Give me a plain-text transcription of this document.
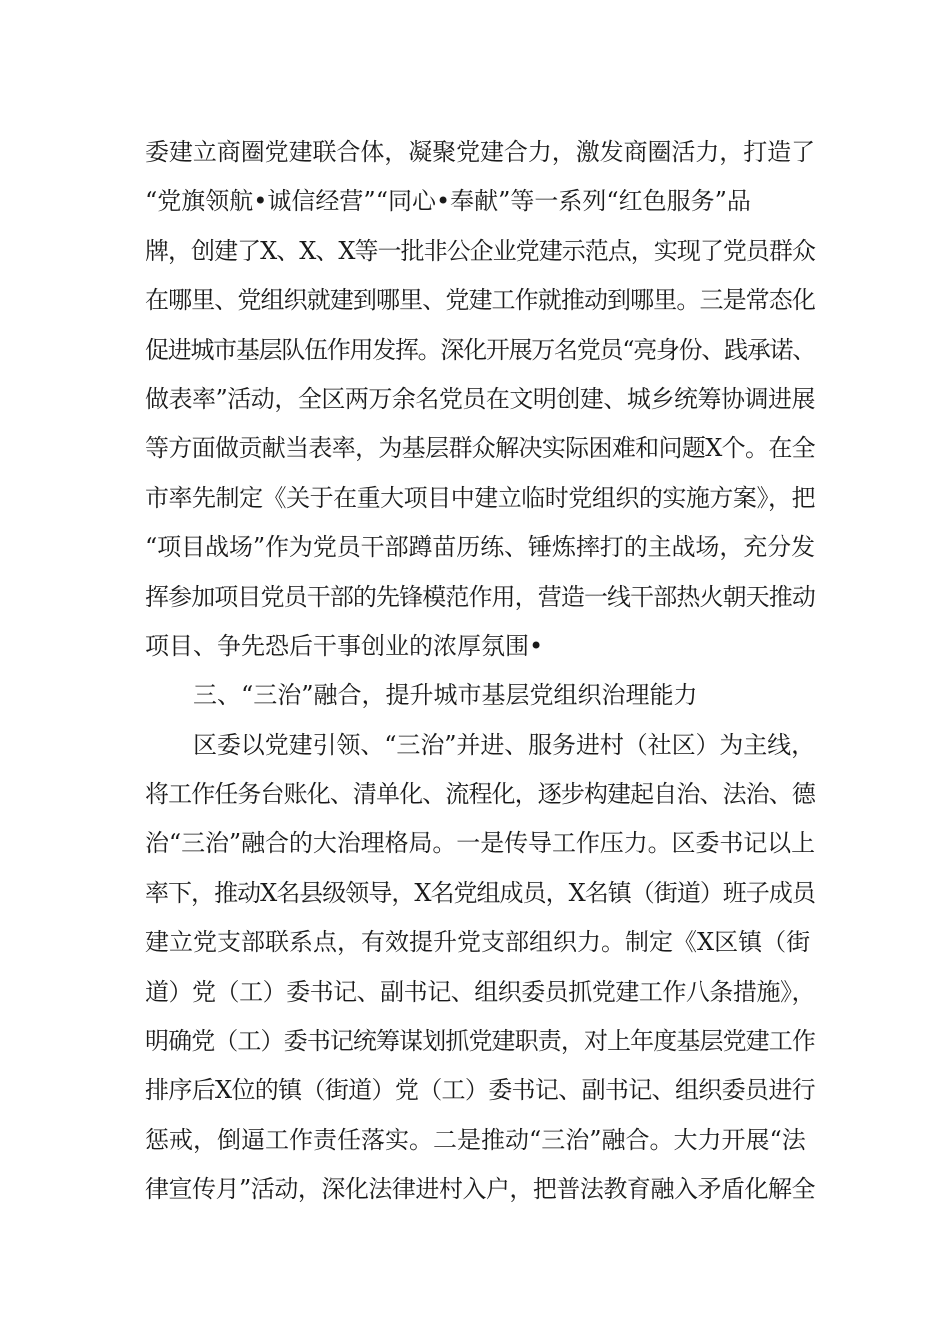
委建立商圈党建联合体，凝聚党建合力，激发商圈活力，打造了
“党旗领航•诚信经营”“同心•奉献”等一系列“红色服务”品
牌，创建了X、X、X等一批非公企业党建示范点，实现了党员群众
在哪里、党组织就建到哪里、党建工作就推动到哪里。三是常态化
促进城市基层队伍作用发挥。深化开展万名党员“亮身份、践承诺、
做表率”活动，全区两万余名党员在文明创建、城乡统筹协调进展
等方面做贡献当表率，为基层群众解决实际困难和问题X个。在全
市率先制定《关于在重大项目中建立临时党组织的实施方案》，把
“项目战场”作为党员干部蹲苗历练、锤炼摔打的主战场，充分发
挥参加项目党员干部的先锋模范作用，营造一线干部热火朝天推动
项目、争先恐后干事创业的浓厚氛围•
三、“三治”融合，提升城市基层党组织治理能力
区委以党建引领、“三治”并进、服务进村（社区）为主线，
将工作任务台账化、清单化、流程化，逐步构建起自治、法治、德
治“三治”融合的大治理格局。一是传导工作压力。区委书记以上
率下，推动X名县级领导，X名党组成员，X名镇（街道）班子成员
建立党支部联系点，有效提升党支部组织力。制定《X区镇（街
道）党（工）委书记、副书记、组织委员抓党建工作八条措施》，
明确党（工）委书记统筹谋划抓党建职责，对上年度基层党建工作
排序后X位的镇（街道）党（工）委书记、副书记、组织委员进行
惩戒，倒逼工作责任落实。二是推动“三治”融合。大力开展“法
律宣传月”活动，深化法律进村入户，把普法教育融入矛盾化解全
